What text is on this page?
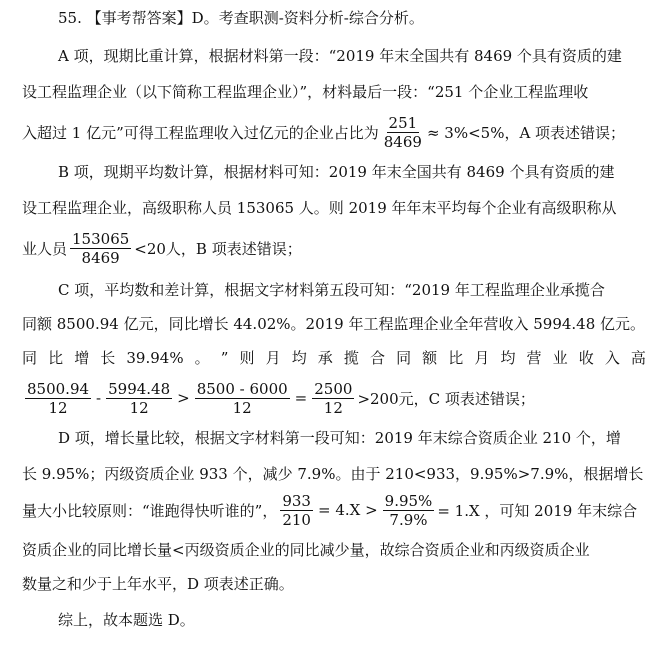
55. 【事考帮答案】D。考查职测-资料分析-综合分析。
A 项，现期比重计算，根据材料第一段：“2019 年末全国共有 8469 个具有资质的建
设工程监理企业（以下简称工程监理企业）”，材料最后一段：“251 个企业工程监理收
入超过 1 亿元”可得工程监理收入过亿元的企业占比为 $\frac{251}{8469} \approx 3\%<5\%$，A 项表述错误；
B 项，现期平均数计算，根据材料可知：2019 年末全国共有 8469 个具有资质的建
设工程监理企业，高级职称人员 153065 人。则 2019 年年末平均每个企业有高级职称从
业人员 $\frac{153065}{8469} <20$人，B 项表述错误；
C 项，平均数和差计算，根据文字材料第五段可知：“2019 年工程监理企业承揽合
同额 8500.94 亿元，同比增长 44.02%。2019 年工程监理企业全年营收入 5994.48 亿元。
同 比 增 长 39.94% 。 ” 则 月 均 承 揽 合 同 额 比 月 均 营 业 收 入 高
$\frac{8500.94}{12} - \frac{5994.48}{12} > \frac{8500 - 6000}{12} = \frac{2500}{12} >200$元，C 项表述错误；
D 项，增长量比较，根据文字材料第一段可知：2019 年末综合资质企业 210 个，增
长 9.95%；丙级资质企业 933 个，减少 7.9%。由于 210<933，9.95%>7.9%，根据增长
量大小比较原则：“谁跑得快听谁的”， $\frac{933}{210} = 4.X > \frac{9.95\%}{7.9\%} = 1.X$ ，可知 2019 年末综合
资质企业的同比增长量<丙级资质企业的同比减少量，故综合资质企业和丙级资质企业
数量之和少于上年水平，D 项表述正确。
综上，故本题选 D。
